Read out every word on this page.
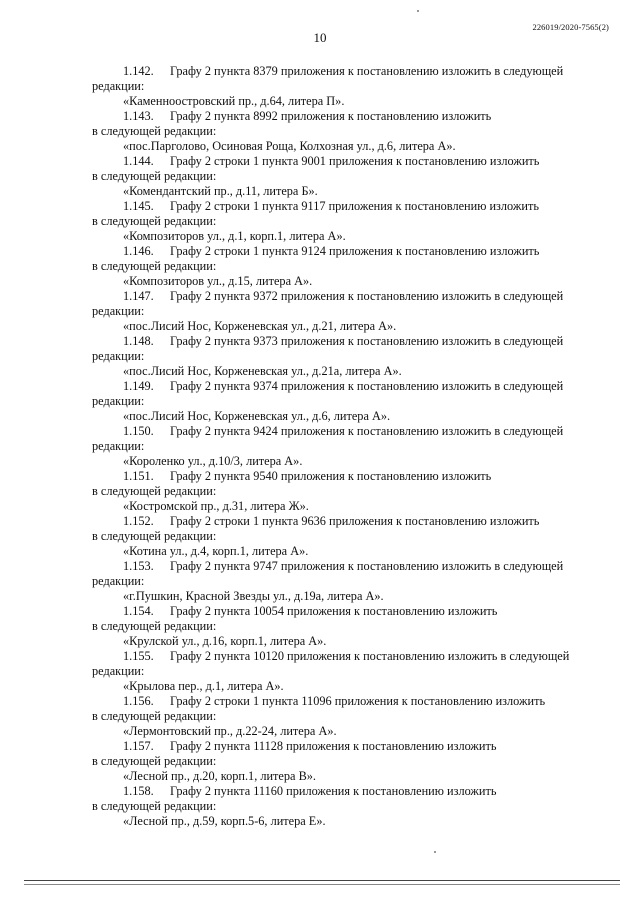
226019/2020-7565(2)
10

1.142. Графу 2 пункта 8379 приложения к постановлению изложить в следующей
редакции:

«Каменноостровский пр., д.64, литера П».

1.143. Графу 2 пункта 8992 приложения к постановлению изложить
в следующей редакции:

«пос.Парголово, Осиновая Роща, Колхозная ул., д.6, литера А».

1.144. Графу 2 строки 1 пункта 9001 приложения к постановлению изложить
в следующей редакции:

«Комендантский пр., д.11, литера Б».

1.145. Графу 2 строки 1 пункта 9117 приложения к постановлению изложить
в следующей редакции:

«Композиторов ул., д.1, корп.1, литера А».

1.146. Графу 2 строки 1 пункта 9124 приложения к постановлению изложить
в следующей редакции:

«Композиторов ул., д.15, литера А».

1.147. Графу 2 пункта 9372 приложения к постановлению изложить в следующей
редакции:

«пос.Лисий Нос, Корженевская ул., д.21, литера А».

1.148. Графу 2 пункта 9373 приложения к постановлению изложить в следующей
редакции:

«пос.Лисий Нос, Корженевская ул., д.21а, литера А».

1.149. Графу 2 пункта 9374 приложения к постановлению изложить в следующей
редакции:

«пос.Лисий Нос, Корженевская ул., д.6, литера А».

1.150. Графу 2 пункта 9424 приложения к постановлению изложить в следующей
редакции:

«Короленко ул., д.10/3, литера А».

1.151. Графу 2 пункта 9540 приложения к постановлению изложить
в следующей редакции:

«Костромской пр., д.31, литера Ж».

1.152. Графу 2 строки 1 пункта 9636 приложения к постановлению изложить
в следующей редакции:

«Котина ул., д.4, корп.1, литера А».

1.153. Графу 2 пункта 9747 приложения к постановлению изложить в следующей
редакции:

«г.Пушкин, Красной Звезды ул., д.19а, литера А».

1.154. Графу 2 пункта 10054 приложения к постановлению изложить
в следующей редакции:

«Крулской ул., д.16, корп.1, литера А».

1.155. Графу 2 пункта 10120 приложения к постановлению изложить в следующей
редакции:

«Крылова пер., д.1, литера А».

1.156. Графу 2 строки 1 пункта 11096 приложения к постановлению изложить
в следующей редакции:

«Лермонтовский пр., д.22-24, литера А».

1.157. Графу 2 пункта 11128 приложения к постановлению изложить
в следующей редакции:

«Лесной пр., д.20, корп.1, литера В».

1.158. Графу 2 пункта 11160 приложения к постановлению изложить
в следующей редакции:

«Лесной пр., д.59, корп.5-6, литера Е».
